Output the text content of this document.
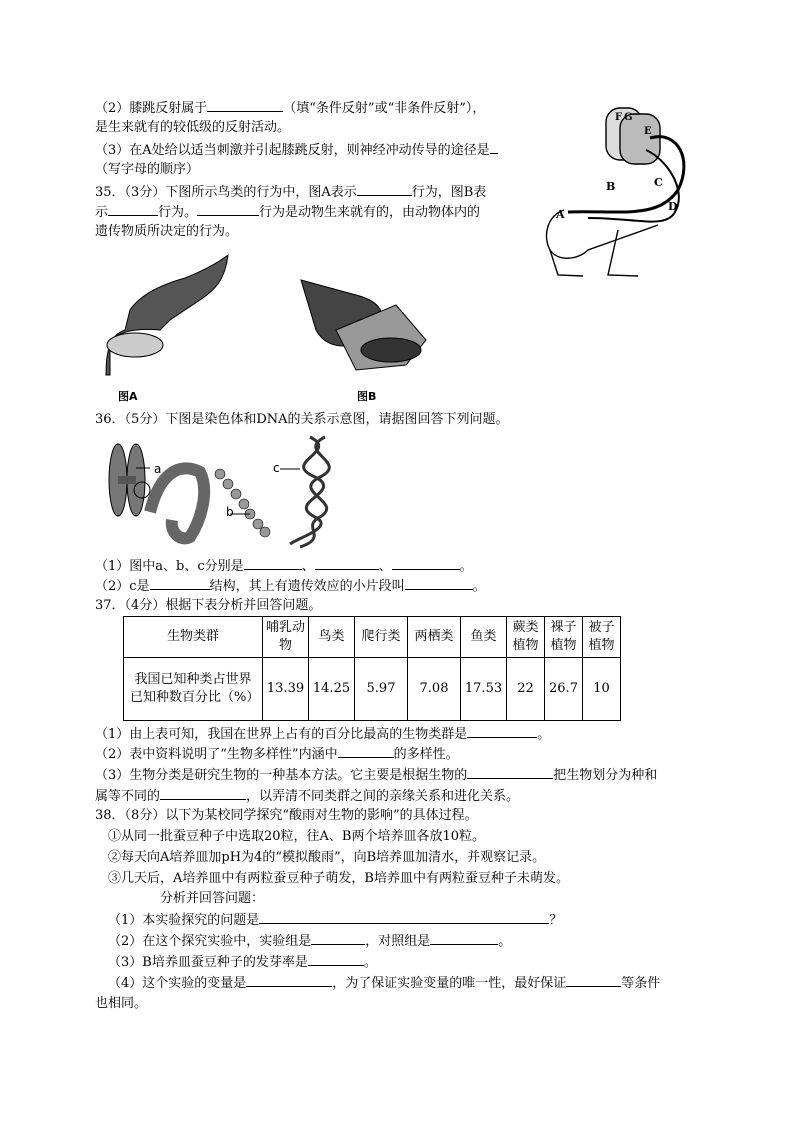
（2）膝跳反射属于	（填“条件反射”或“非条件反射”），
是生来就有的较低级的反射活动。
（3）在A处给以适当刺激并引起膝跳反射，则神经冲动传导的途径是
（写字母的顺序）
F G
E
B	C
A
D
35．（3分）下图所示鸟类的行为中，图A表示	行为，图B表
示	行为。	行为是动物生来就有的，由动物体内的
遗传物质所决定的行为。
图A	图B
36．（5分）下图是染色体和DNA的关系示意图，请据图回答下列问题。
a
b
c
（1）图中a、b、c分别是	、	、	。
（2）c是	结构，其上有遗传效应的小片段叫	。
37．（4分）根据下表分析并回答问题。
生物类群	哺乳动物	鸟类	爬行类	两栖类	鱼类	蕨类植物	裸子植物	被子植物
我国已知种类占世界已知种数百分比（%）	13.39	14.25	5.97	7.08	17.53	22	26.7	10
（1）由上表可知，我国在世界上占有的百分比最高的生物类群是	。
（2）表中资料说明了“生物多样性”内涵中	的多样性。
（3）生物分类是研究生物的一种基本方法。它主要是根据生物的	把生物划分为种和
属等不同的	，以弄清不同类群之间的亲缘关系和进化关系。
38．（8分）以下为某校同学探究“酸雨对生物的影响”的具体过程。
①从同一批蚕豆种子中选取20粒，往A、B两个培养皿各放10粒。
②每天向A培养皿加pH为4的“模拟酸雨”，向B培养皿加清水，并观察记录。
③几天后，A培养皿中有两粒蚕豆种子萌发，B培养皿中有两粒蚕豆种子未萌发。
分析并回答问题：
（1）本实验探究的问题是	？
（2）在这个探究实验中，实验组是	，对照组是	。
（3）B培养皿蚕豆种子的发芽率是	。
（4）这个实验的变量是	，为了保证实验变量的唯一性，最好保证	等条件
也相同。
